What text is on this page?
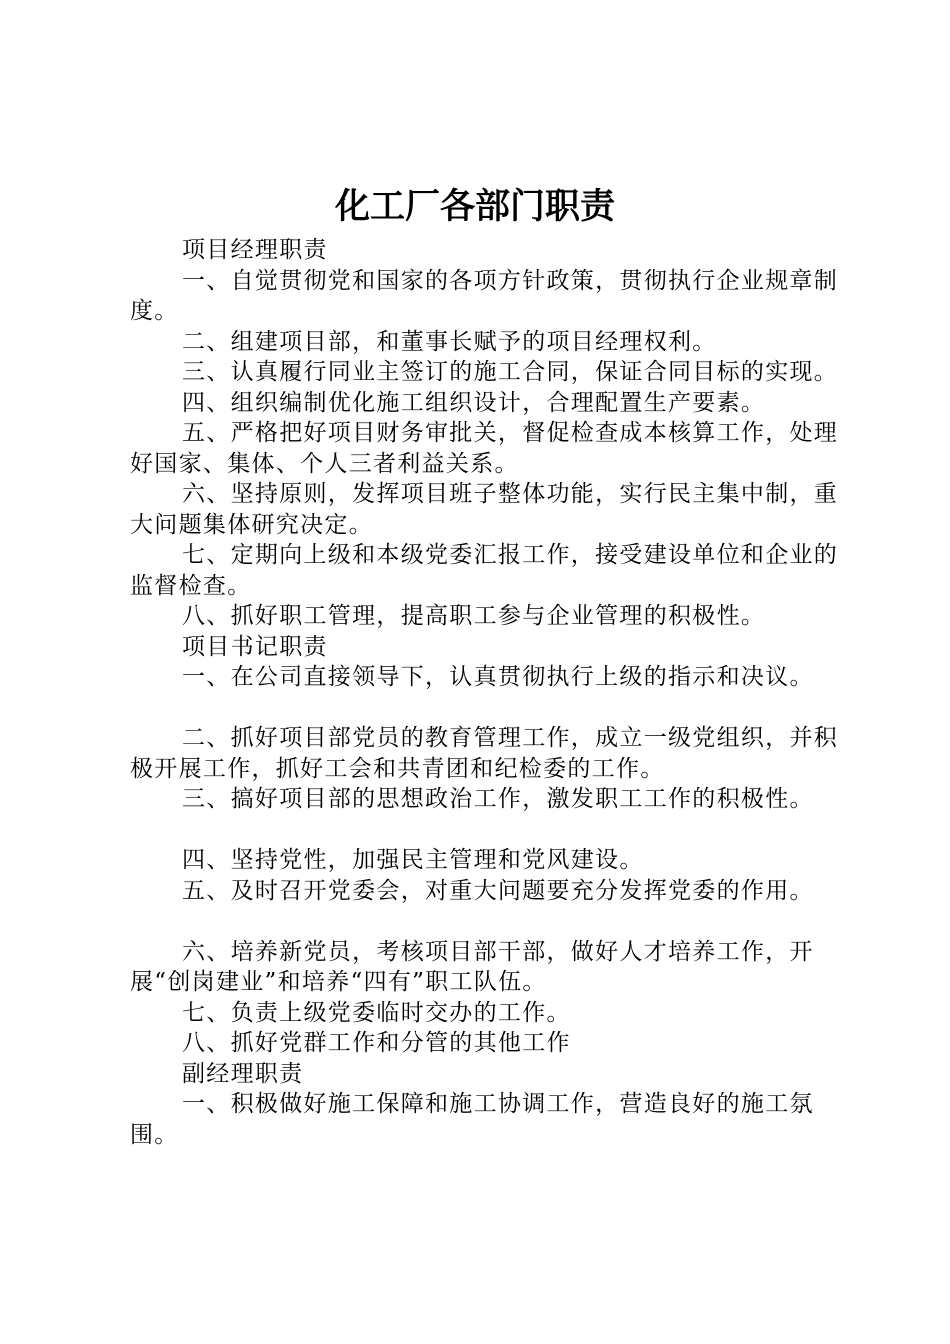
化工厂各部门职责

项目经理职责

一、自觉贯彻党和国家的各项方针政策，贯彻执行企业规章制度。

二、组建项目部，和董事长赋予的项目经理权利。

三、认真履行同业主签订的施工合同，保证合同目标的实现。

四、组织编制优化施工组织设计，合理配置生产要素。

五、严格把好项目财务审批关，督促检查成本核算工作，处理好国家、集体、个人三者利益关系。

六、坚持原则，发挥项目班子整体功能，实行民主集中制，重大问题集体研究决定。

七、定期向上级和本级党委汇报工作，接受建设单位和企业的监督检查。

八、抓好职工管理，提高职工参与企业管理的积极性。

项目书记职责

一、在公司直接领导下，认真贯彻执行上级的指示和决议。

二、抓好项目部党员的教育管理工作，成立一级党组织，并积极开展工作，抓好工会和共青团和纪检委的工作。

三、搞好项目部的思想政治工作，激发职工工作的积极性。

四、坚持党性，加强民主管理和党风建设。

五、及时召开党委会，对重大问题要充分发挥党委的作用。

六、培养新党员，考核项目部干部，做好人才培养工作，开展“创岗建业”和培养“四有”职工队伍。

七、负责上级党委临时交办的工作。

八、抓好党群工作和分管的其他工作

副经理职责

一、积极做好施工保障和施工协调工作，营造良好的施工氛围。
